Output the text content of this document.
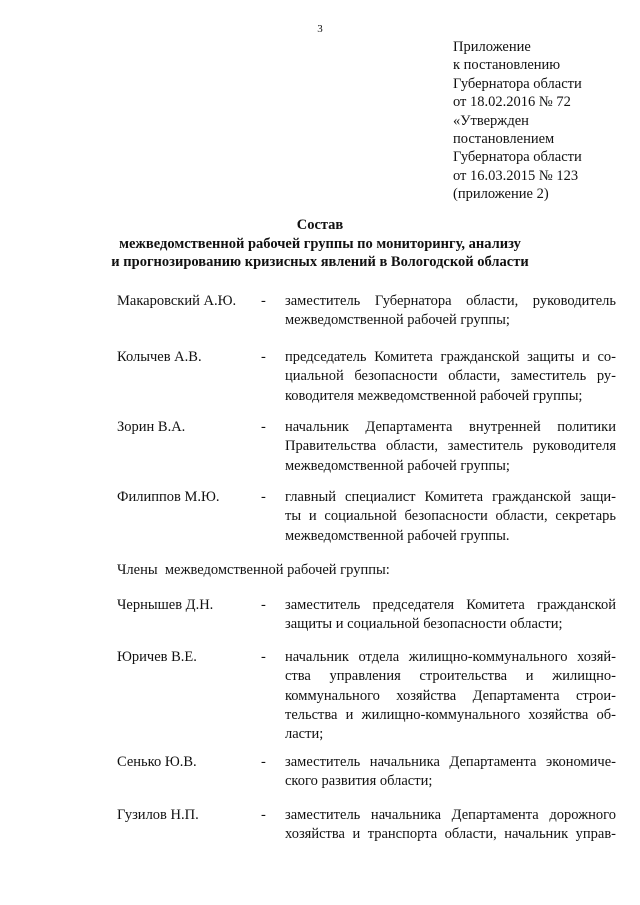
3
Приложение
к постановлению
Губернатора области
от 18.02.2016 № 72
«Утвержден
постановлением
Губернатора области
от 16.03.2015 № 123
(приложение 2)
Состав
межведомственной рабочей группы по мониторингу, анализу
и прогнозированию кризисных явлений в Вологодской области
Макаровский А.Ю. - заместитель Губернатора области, руководитель
межведомственной рабочей группы;
Колычев А.В.	- председатель Комитета гражданской защиты и со-
циальной безопасности области, заместитель ру-
ководителя межведомственной рабочей группы;
Зорин В.А.	- начальник Департамента внутренней политики
Правительства области, заместитель руководителя
межведомственной рабочей группы;
Филиппов М.Ю.	- главный специалист Комитета гражданской защи-
ты и социальной безопасности области, секретарь
межведомственной рабочей группы.
Члены  межведомственной рабочей группы:
Чернышев Д.Н.	- заместитель председателя Комитета гражданской
защиты и социальной безопасности области;
Юричев В.Е.	- начальник отдела жилищно-коммунального хозяй-
ства управления строительства и жилищно-
коммунального хозяйства Департамента строи-
тельства и жилищно-коммунального хозяйства об-
ласти;
Сенько Ю.В.	- заместитель начальника Департамента экономиче-
ского развития области;
Гузилов Н.П.	- заместитель начальника Департамента дорожного
хозяйства и транспорта области, начальник управ-
